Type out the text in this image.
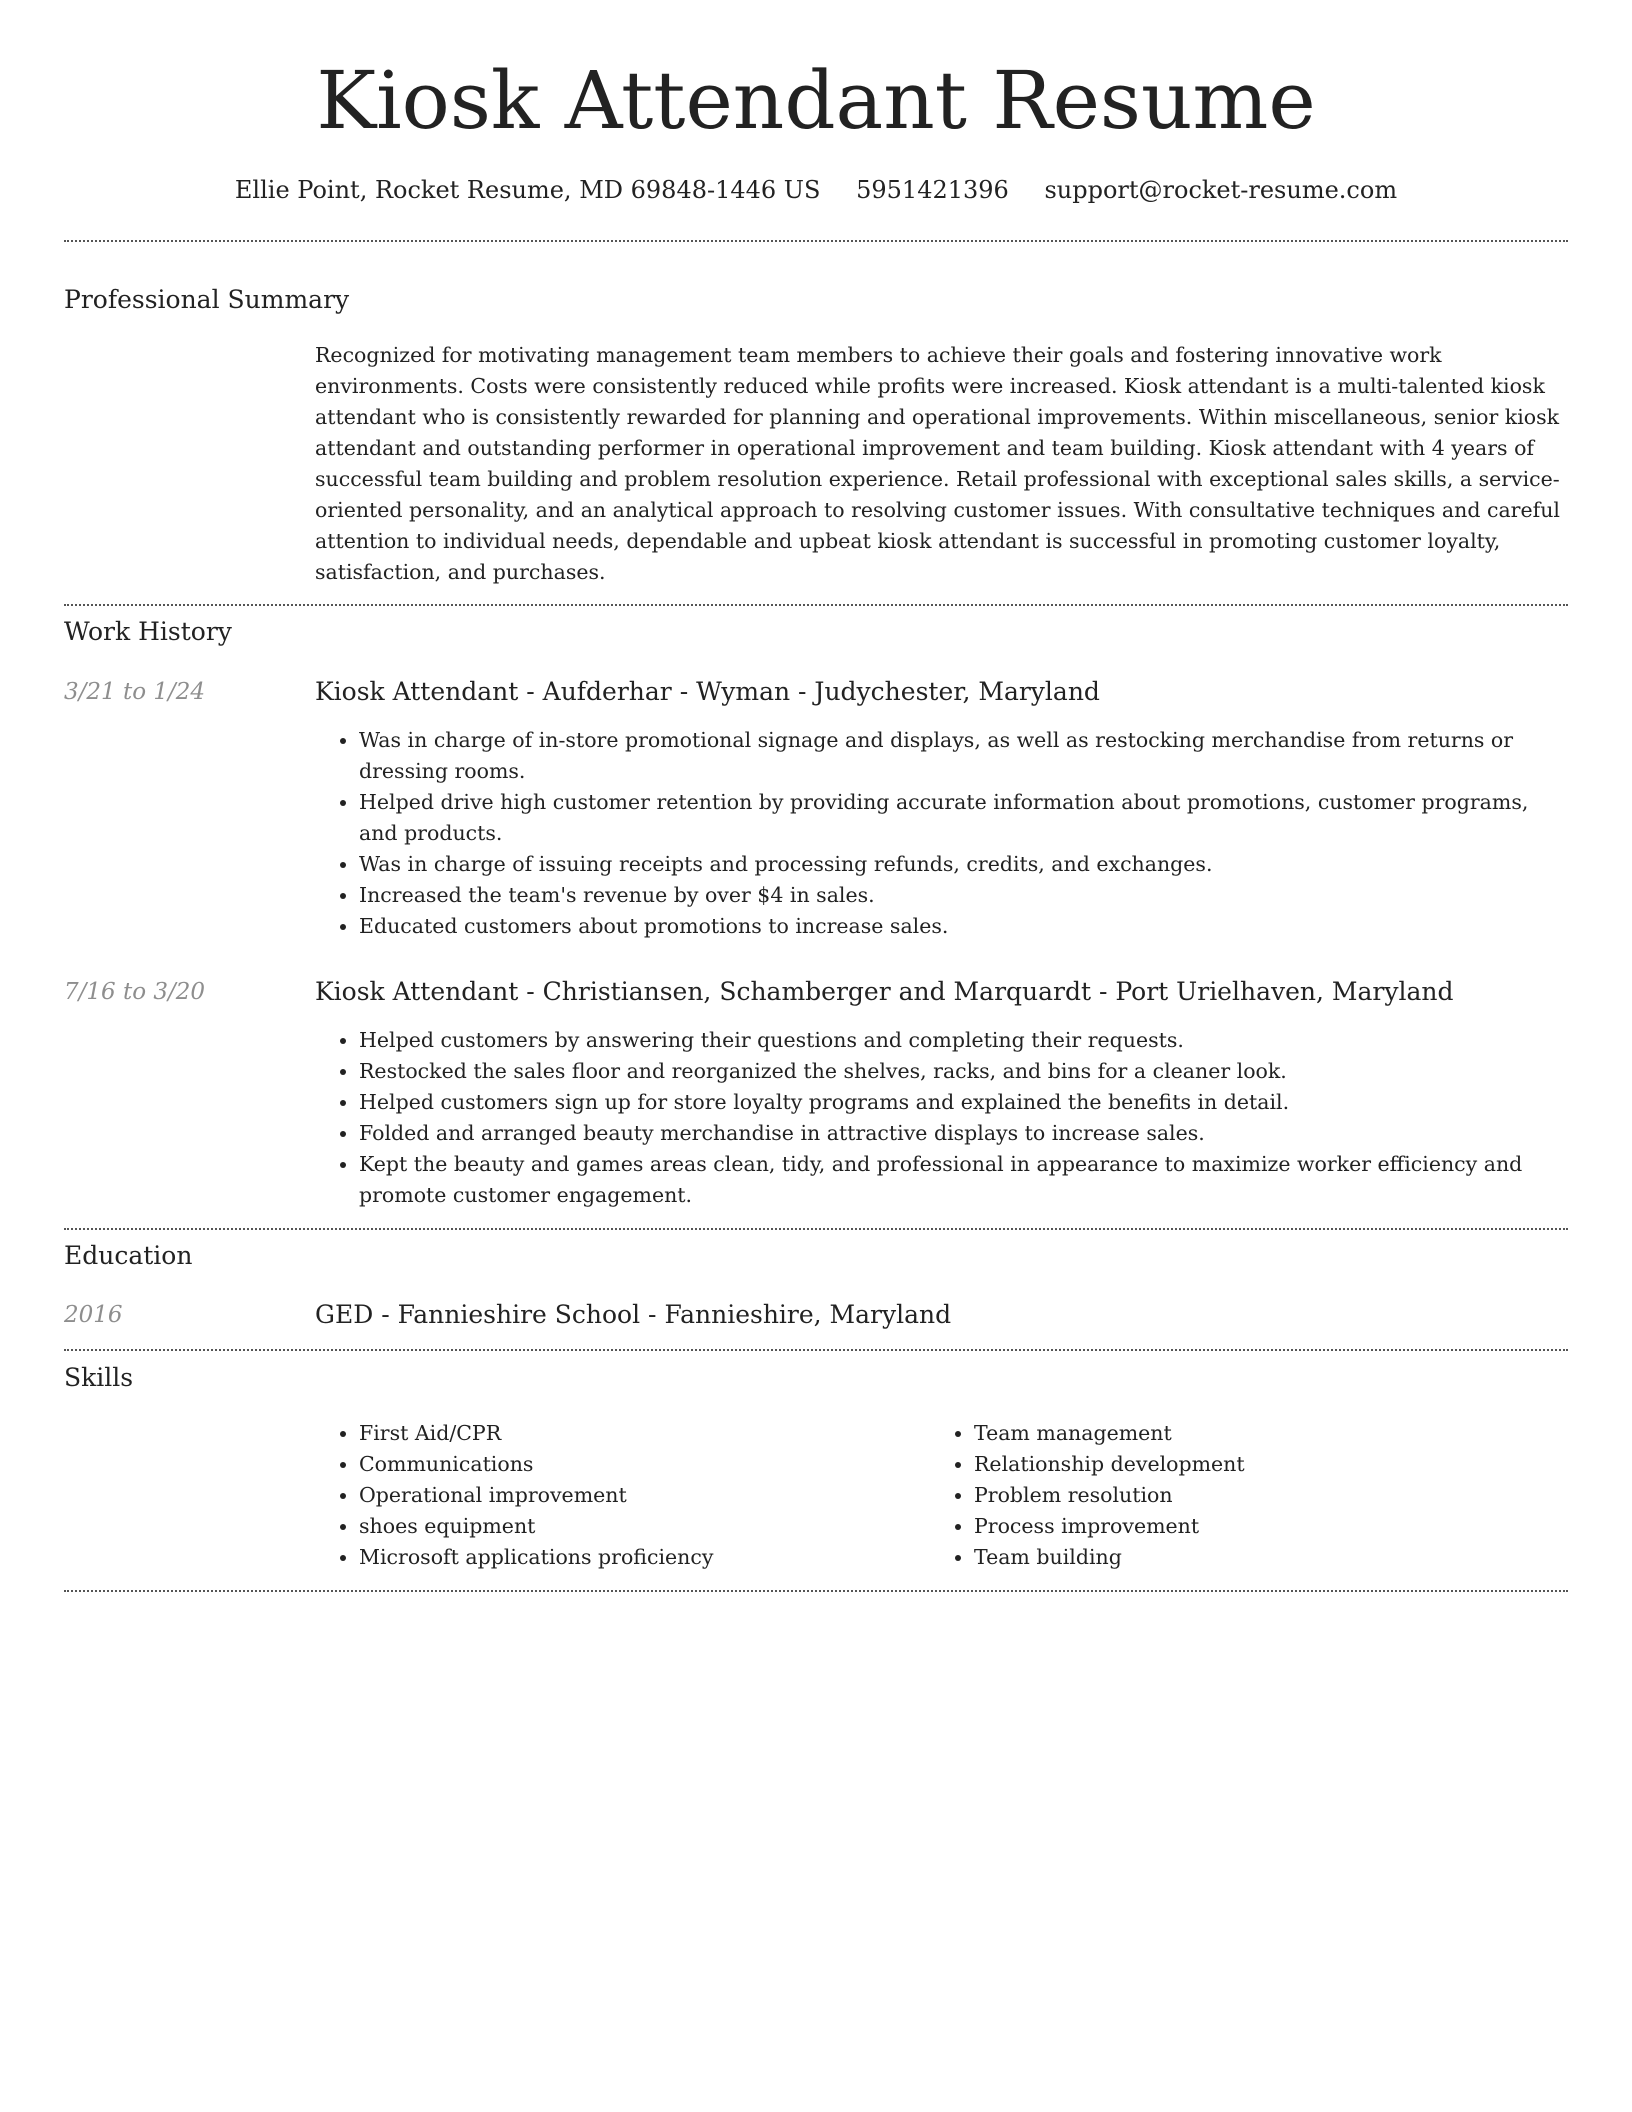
Kiosk Attendant Resume
Ellie Point, Rocket Resume, MD 69848-1446 US 5951421396 support@rocket-resume.com
Professional Summary

Recognized for motivating management team members to achieve their goals and fostering innovative work environments. Costs were consistently reduced while profits were increased. Kiosk attendant is a multi-talented kiosk attendant who is consistently rewarded for planning and operational improvements. Within miscellaneous, senior kiosk attendant and outstanding performer in operational improvement and team building. Kiosk attendant with 4 years of successful team building and problem resolution experience. Retail professional with exceptional sales skills, a service-oriented personality, and an analytical approach to resolving customer issues. With consultative techniques and careful attention to individual needs, dependable and upbeat kiosk attendant is successful in promoting customer loyalty, satisfaction, and purchases.

Work History
3/21 to 1/24	Kiosk Attendant - Aufderhar - Wyman - Judychester, Maryland
• Was in charge of in-store promotional signage and displays, as well as restocking merchandise from returns or dressing rooms.
• Helped drive high customer retention by providing accurate information about promotions, customer programs, and products.
• Was in charge of issuing receipts and processing refunds, credits, and exchanges.
• Increased the team's revenue by over $4 in sales.
• Educated customers about promotions to increase sales.
7/16 to 3/20	Kiosk Attendant - Christiansen, Schamberger and Marquardt - Port Urielhaven, Maryland
• Helped customers by answering their questions and completing their requests.
• Restocked the sales floor and reorganized the shelves, racks, and bins for a cleaner look.
• Helped customers sign up for store loyalty programs and explained the benefits in detail.
• Folded and arranged beauty merchandise in attractive displays to increase sales.
• Kept the beauty and games areas clean, tidy, and professional in appearance to maximize worker efficiency and promote customer engagement.
Education
2016	GED - Fannieshire School - Fannieshire, Maryland
Skills
• First Aid/CPR
• Communications
• Operational improvement
• shoes equipment
• Microsoft applications proficiency
• Team management
• Relationship development
• Problem resolution
• Process improvement
• Team building
